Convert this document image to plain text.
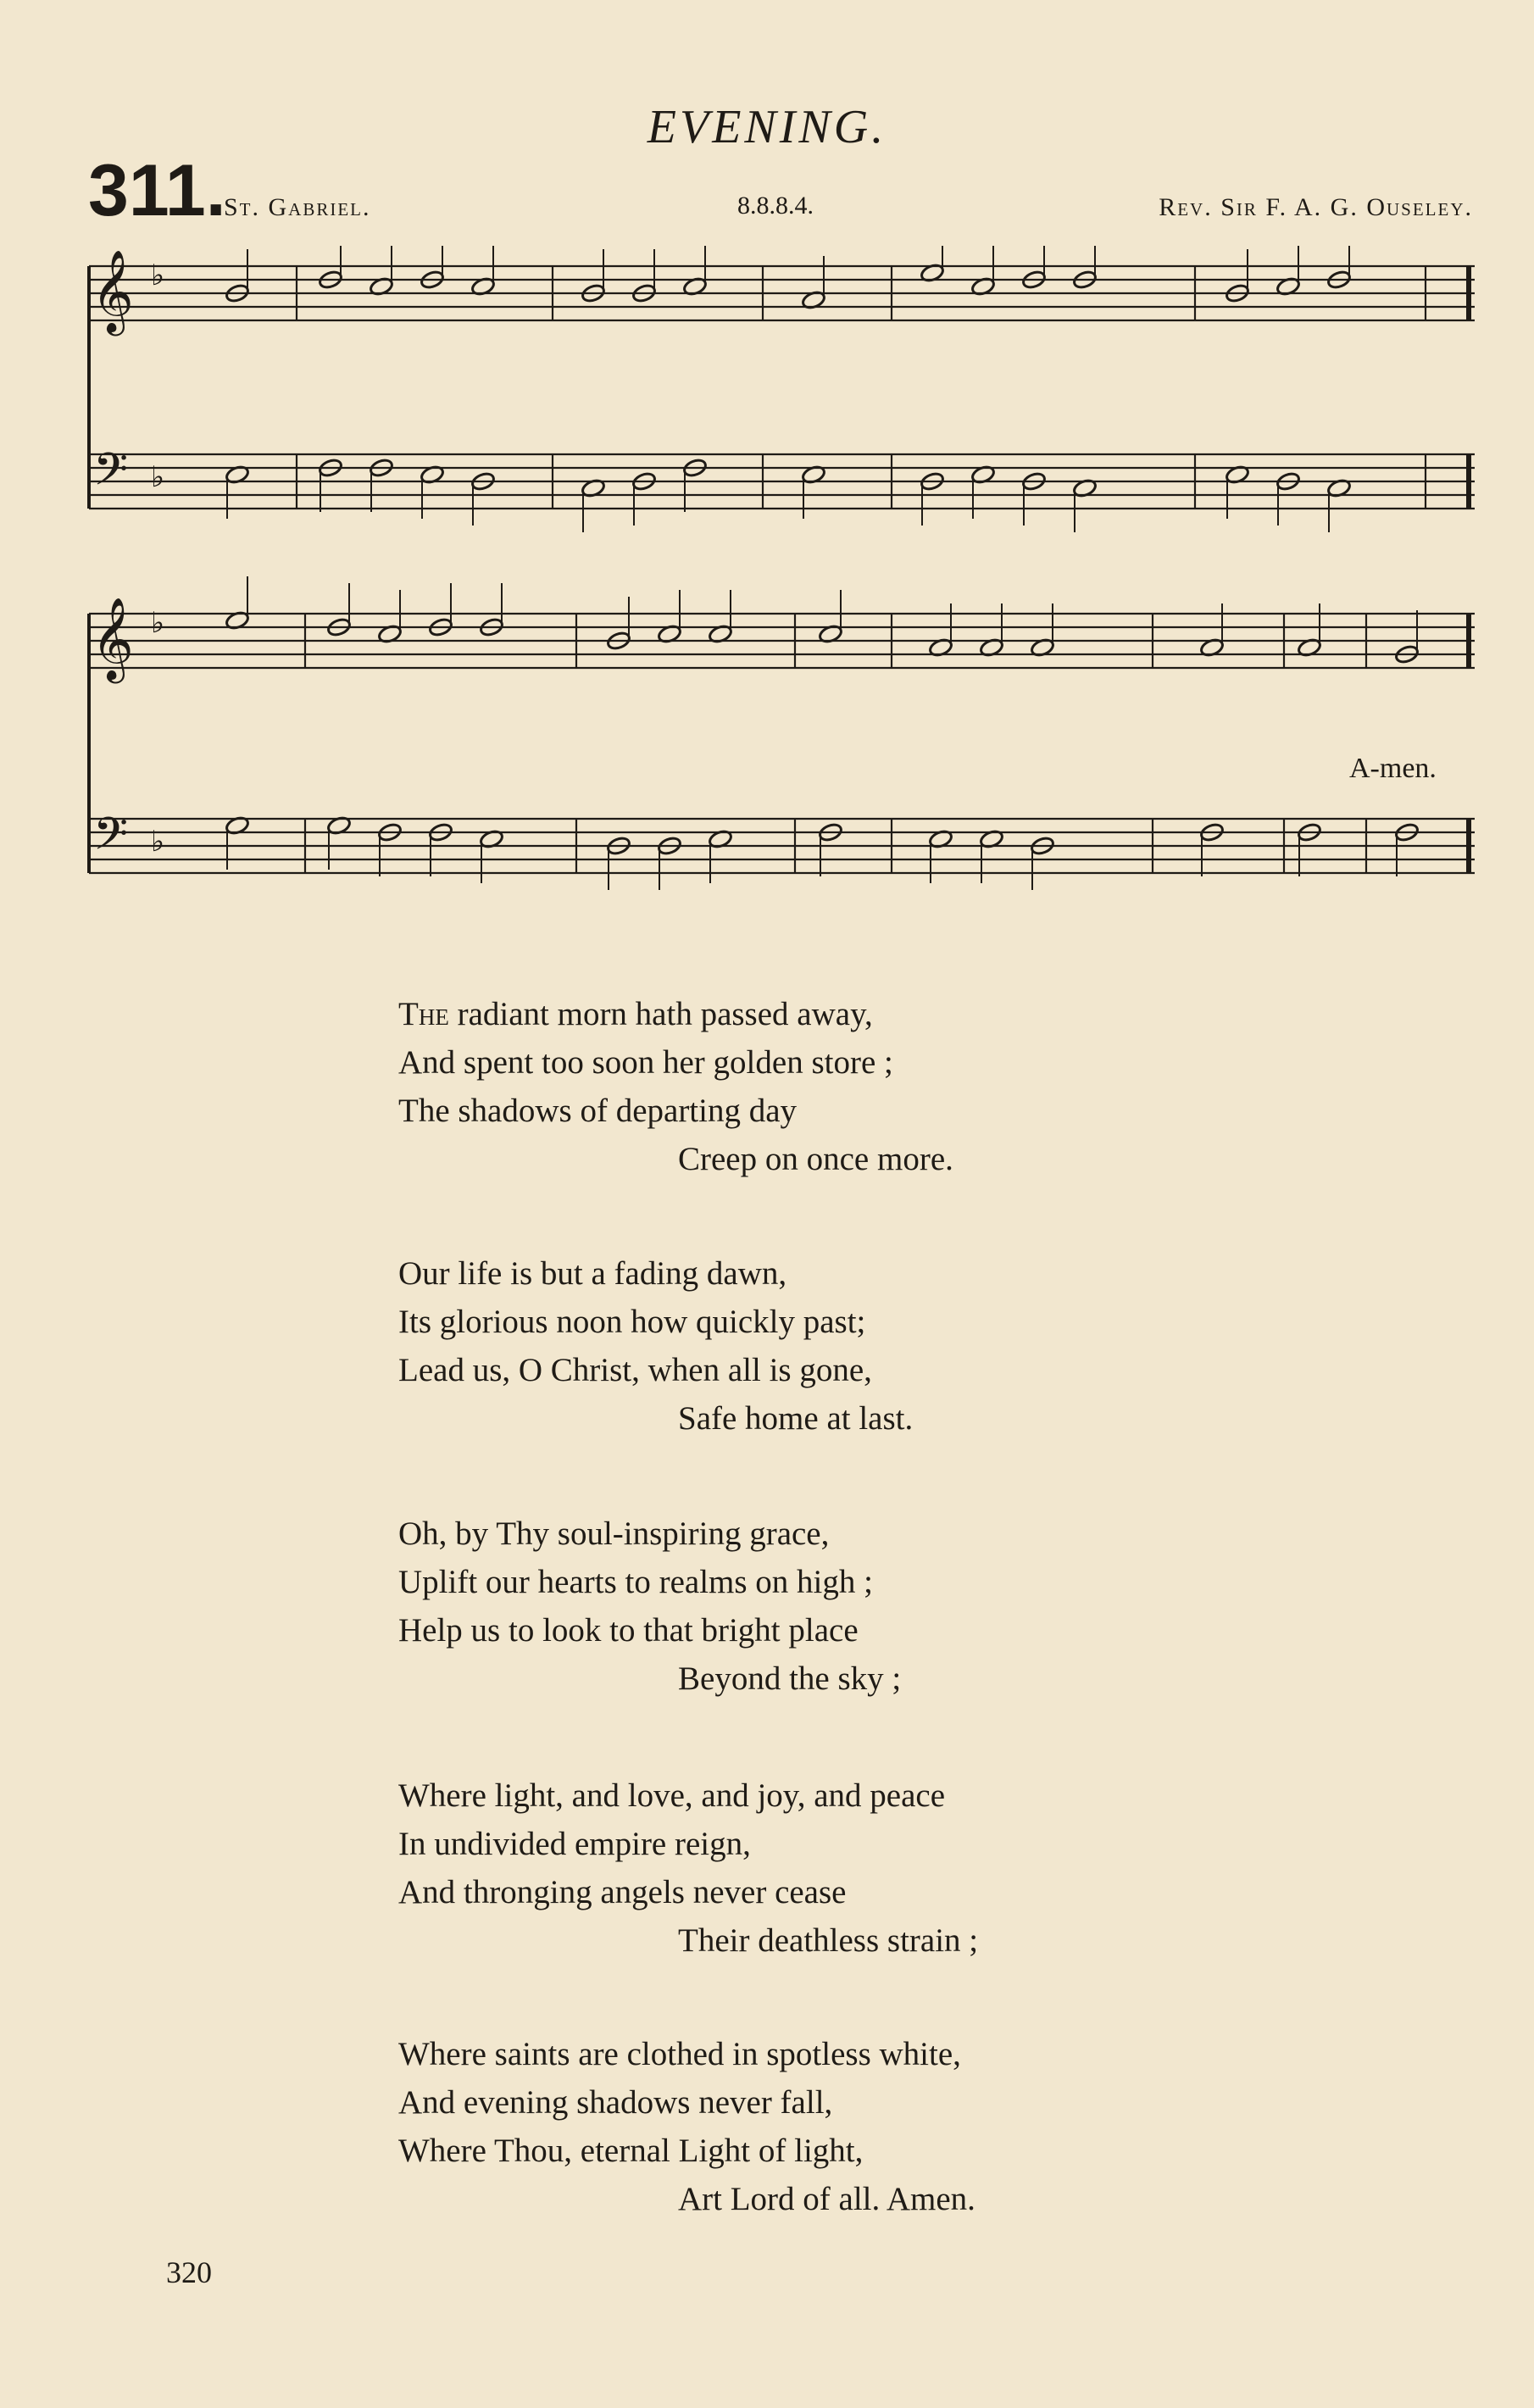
EVENING.
311.
St. Gabriel.	8.8.8.4.	Rev. Sir F. A. G. Ouseley.
𝄞
𝄢
♭
♭
𝄞
𝄢
♭
♭
A-men.
The radiant morn hath passed away,
And spent too soon her golden store ;
The shadows of departing day
Creep on once more.
Our life is but a fading dawn,
Its glorious noon how quickly past;
Lead us, O Christ, when all is gone,
Safe home at last.
Oh, by Thy soul-inspiring grace,
Uplift our hearts to realms on high ;
Help us to look to that bright place
Beyond the sky ;
Where light, and love, and joy, and peace
In undivided empire reign,
And thronging angels never cease
Their deathless strain ;
Where saints are clothed in spotless white,
And evening shadows never fall,
Where Thou, eternal Light of light,
Art Lord of all. Amen.
320
